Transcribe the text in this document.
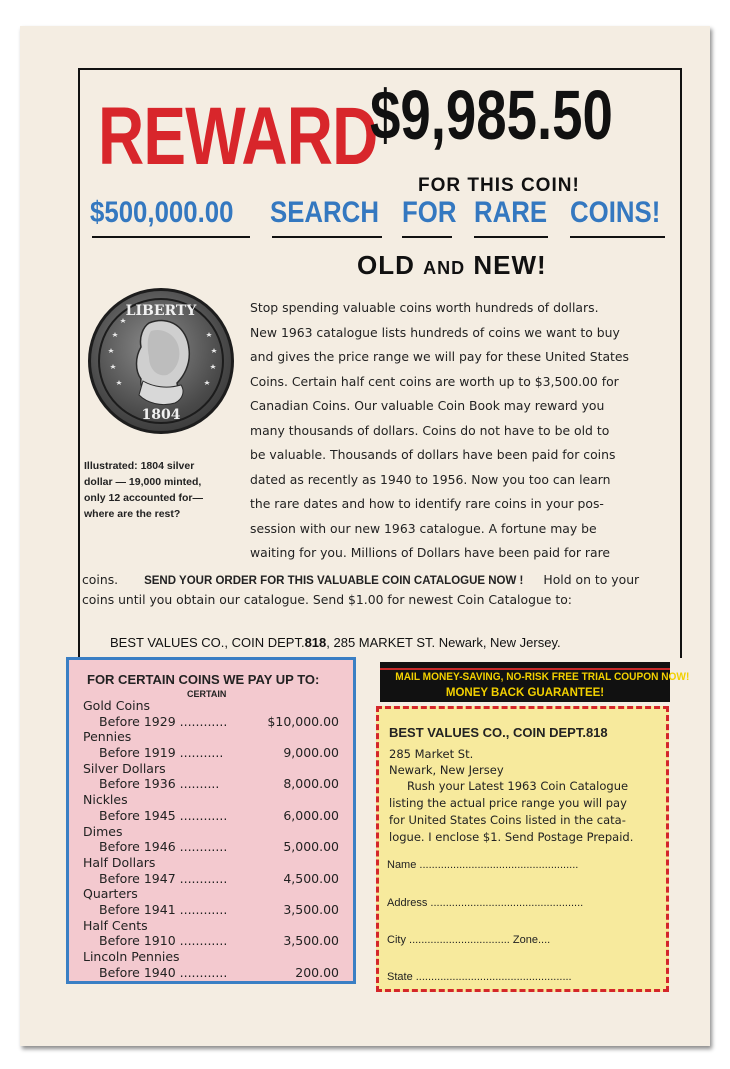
REWARD
$9,985.50
FOR THIS COIN!
$500,000.00 SEARCH FOR RARE COINS!
OLD AND NEW!
LIBERTY
1804
Illustrated: 1804 silver dollar — 19,000 minted, only 12 accounted for— where are the rest?
Stop spending valuable coins worth hundreds of dollars.
New 1963 catalogue lists hundreds of coins we want to buy
and gives the price range we will pay for these United States
Coins. Certain half cent coins are worth up to $3,500.00 for
Canadian Coins. Our valuable Coin Book may reward you
many thousands of dollars. Coins do not have to be old to
be valuable. Thousands of dollars have been paid for coins
dated as recently as 1940 to 1956. Now you too can learn
the rare dates and how to identify rare coins in your pos-
session with our new 1963 catalogue. A fortune may be
waiting for you. Millions of Dollars have been paid for rare
coins. SEND YOUR ORDER FOR THIS VALUABLE COIN CATALOGUE NOW ! Hold on to your
coins until you obtain our catalogue. Send $1.00 for newest Coin Catalogue to:
BEST VALUES CO., COIN DEPT.818, 285 MARKET ST. Newark, New Jersey.
FOR CERTAIN COINS WE PAY UP TO:
CERTAIN
Gold Coins
Before 1929 ............	$10,000.00
Pennies
Before 1919 ...........	9,000.00
Silver Dollars
Before 1936 ..........	8,000.00
Nickles
Before 1945 ............	6,000.00
Dimes
Before 1946 ............	5,000.00
Half Dollars
Before 1947 ............	4,500.00
Quarters
Before 1941 ............	3,500.00
Half Cents
Before 1910 ............	3,500.00
Lincoln Pennies
Before 1940 ............	200.00
MAIL MONEY-SAVING, NO-RISK FREE TRIAL COUPON NOW!
MONEY BACK GUARANTEE!
BEST VALUES CO., COIN DEPT.818
285 Market St.
Newark, New Jersey
Rush your Latest 1963 Coin Catalogue
listing the actual price range you will pay
for United States Coins listed in the cata-
logue. I enclose $1. Send Postage Prepaid.
Name ....................................................
Address ..................................................
City ................................. Zone....
State ...................................................
